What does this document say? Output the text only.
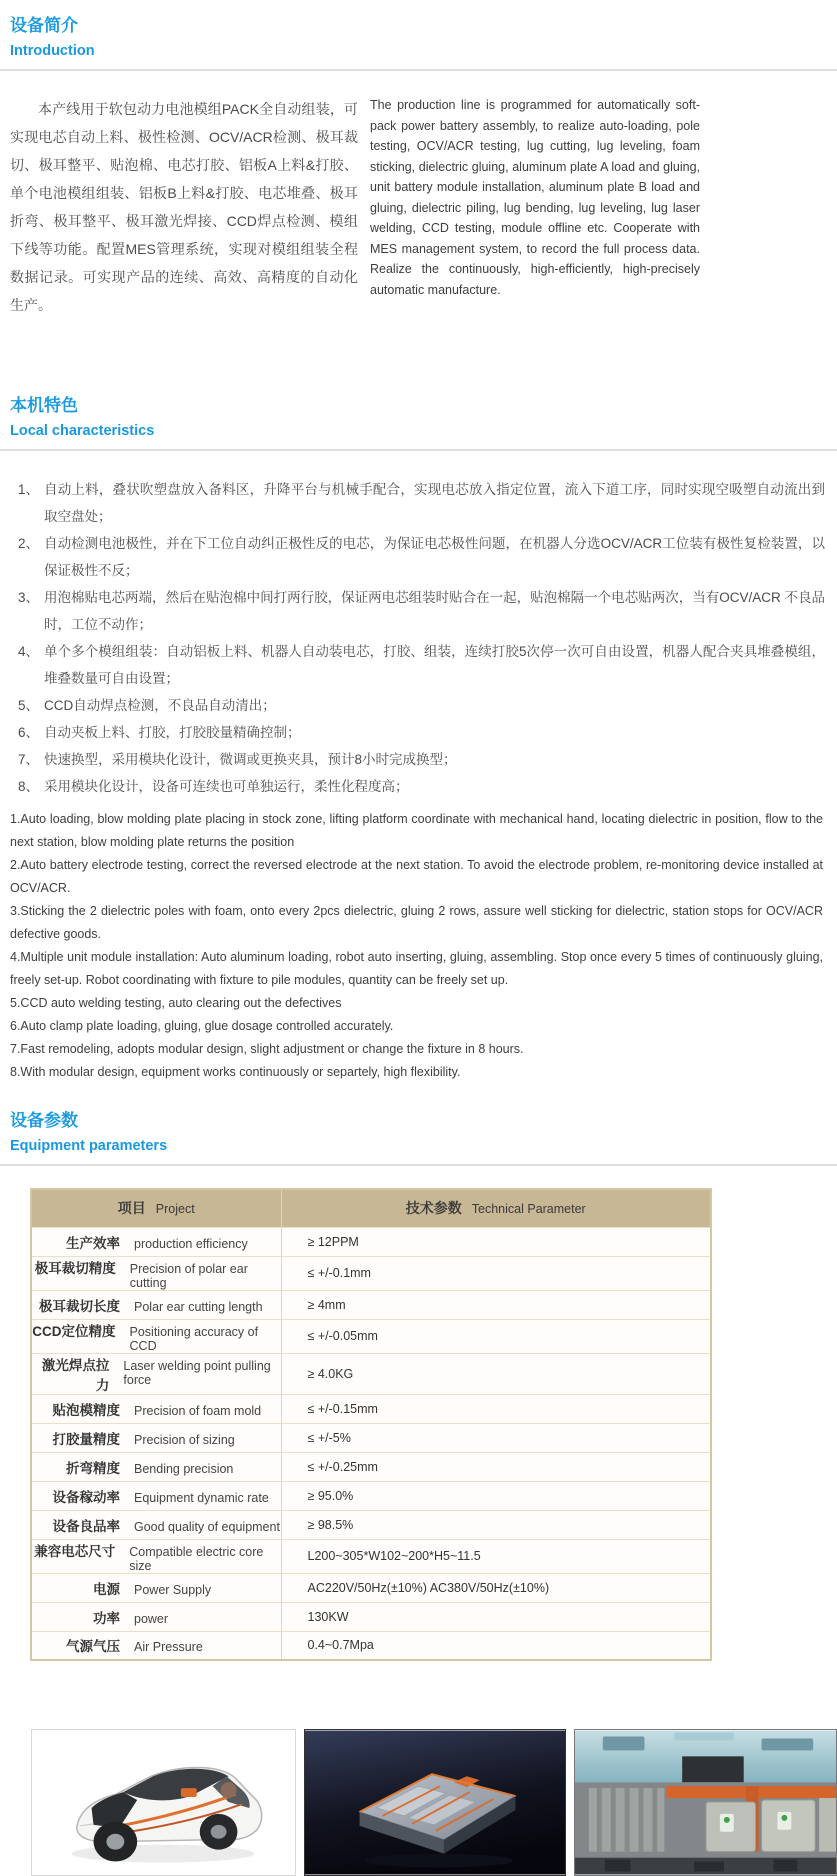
设备简介
Introduction

本产线用于软包动力电池模组PACK全自动组装，可实现电芯自动上料、极性检测、OCV/ACR检测、极耳裁切、极耳整平、贴泡棉、电芯打胶、铝板A上料&打胶、单个电池模组组装、铝板B上料&打胶、电芯堆叠、极耳折弯、极耳整平、极耳激光焊接、CCD焊点检测、模组下线等功能。配置MES管理系统，实现对模组组装全程数据记录。可实现产品的连续、高效、高精度的自动化生产。

The production line is programmed for automatically soft-pack power battery assembly, to realize auto-loading, pole testing, OCV/ACR testing, lug cutting, lug leveling, foam sticking, dielectric gluing, aluminum plate A load and gluing, unit battery module installation, aluminum plate B load and gluing, dielectric piling, lug bending, lug leveling, lug laser welding, CCD testing, module offline etc. Cooperate with MES management system, to record the full process data. Realize the continuously, high-efficiently, high-precisely automatic manufacture.

本机特色
Local characteristics
1、 自动上料，叠状吹塑盘放入备料区，升降平台与机械手配合，实现电芯放入指定位置，流入下道工序，同时实现空吸塑自动流出到取空盘处；
2、 自动检测电池极性，并在下工位自动纠正极性反的电芯，为保证电芯极性问题，在机器人分选OCV/ACR工位装有极性复检装置，以保证极性不反；
3、 用泡棉贴电芯两端，然后在贴泡棉中间打两行胶，保证两电芯组装时贴合在一起，贴泡棉隔一个电芯贴两次，当有OCV/ACR 不良品时，工位不动作；
4、 单个多个模组组装：自动铝板上料、机器人自动装电芯，打胶、组装，连续打胶5次停一次可自由设置，机器人配合夹具堆叠模组，堆叠数量可自由设置；
5、 CCD自动焊点检测，不良品自动清出；
6、 自动夹板上料、打胶，打胶胶量精确控制；
7、 快速换型，采用模块化设计，微调或更换夹具，预计8小时完成换型；
8、 采用模块化设计，设备可连续也可单独运行，柔性化程度高；

1.Auto loading, blow molding plate placing in stock zone, lifting platform coordinate with mechanical hand, locating dielectric in position, flow to the next station, blow molding plate returns the position

2.Auto battery electrode testing, correct the reversed electrode at the next station. To avoid the electrode problem, re-monitoring device installed at OCV/ACR.

3.Sticking the 2 dielectric poles with foam, onto every 2pcs dielectric, gluing 2 rows, assure well sticking for dielectric, station stops for OCV/ACR defective goods.

4.Multiple unit module installation: Auto aluminum loading, robot auto inserting, gluing, assembling. Stop once every 5 times of continuously gluing, freely set-up. Robot coordinating with fixture to pile modules, quantity can be freely set up.

5.CCD auto welding testing, auto clearing out the defectives

6.Auto clamp plate loading, gluing, glue dosage controlled accurately.

7.Fast remodeling, adopts modular design, slight adjustment or change the fixture in 8 hours.

8.With modular design, equipment works continuously or separtely, high flexibility.

设备参数
Equipment parameters
项目 Project	技术参数 Technical Parameter

生产效率 production efficiency	≥ 12PPM

极耳裁切精度 Precision of polar ear cutting	≤ +/-0.1mm

极耳裁切长度 Polar ear cutting length	≥ 4mm

CCD定位精度 Positioning accuracy of CCD	≤ +/-0.05mm

激光焊点拉力
Laser welding point pulling force	≥ 4.0KG

贴泡模精度 Precision of foam mold	≤ +/-0.15mm

打胶量精度 Precision of sizing	≤ +/-5%

折弯精度 Bending precision	≤ +/-0.25mm

设备稼动率 Equipment dynamic rate	≥ 95.0%

设备良品率 Good quality of equipment	≥ 98.5%

兼容电芯尺寸 Compatible electric core size	L200~305*W102~200*H5~11.5

电源 Power Supply	AC220V/50Hz(±10%) AC380V/50Hz(±10%)

功率 power	130KW

气源气压 Air Pressure	0.4~0.7Mpa
